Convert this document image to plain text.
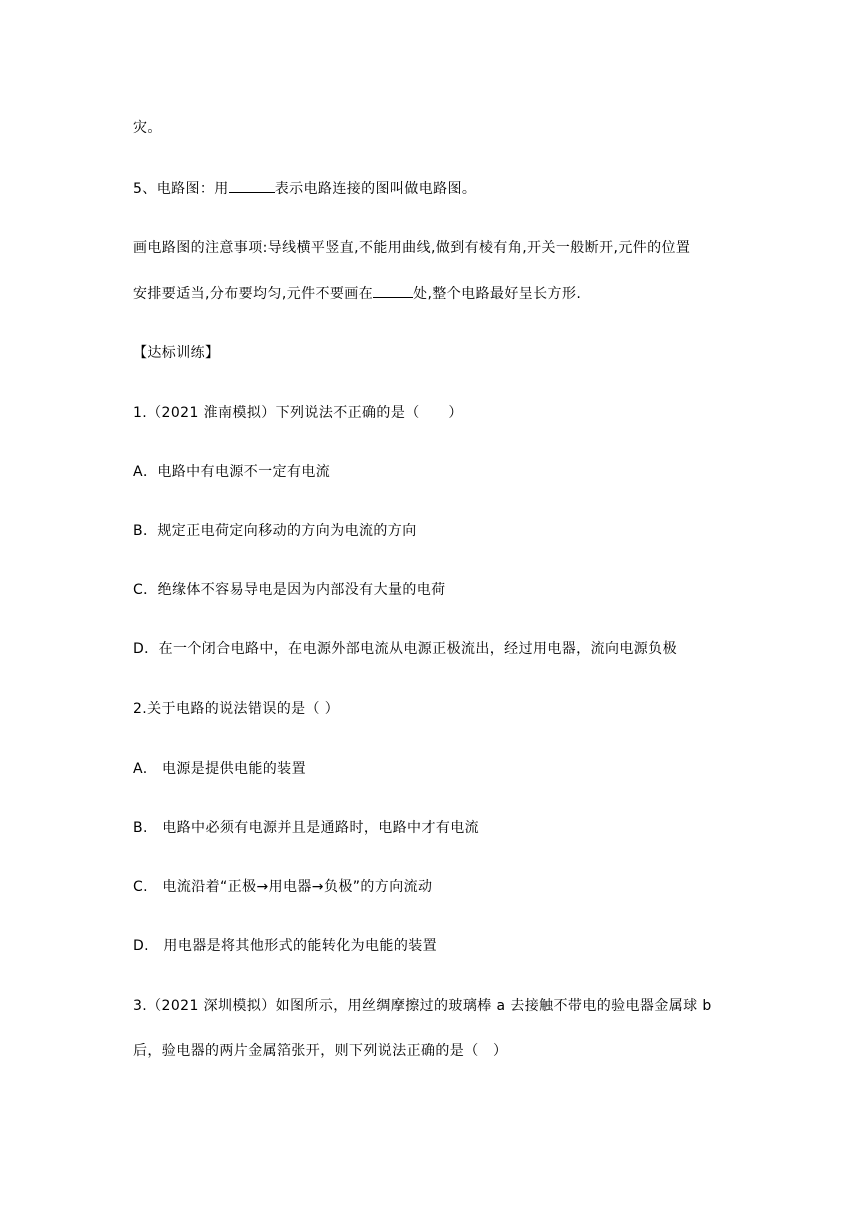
灾。
5、电路图：用	表示电路连接的图叫做电路图。
画电路图的注意事项:导线横平竖直,不能用曲线,做到有棱有角,开关一般断开,元件的位置
安排要适当,分布要均匀,元件不要画在	处,整个电路最好呈长方形.
【达标训练】
1.（2021 淮南模拟）下列说法不正确的是（　　）
A．电路中有电源不一定有电流
B．规定正电荷定向移动的方向为电流的方向
C．绝缘体不容易导电是因为内部没有大量的电荷
D．在一个闭合电路中，在电源外部电流从电源正极流出，经过用电器，流向电源负极
2.关于电路的说法错误的是（ ）
A.　电源是提供电能的装置
B.　电路中必须有电源并且是通路时，电路中才有电流
C.　电流沿着“正极→用电器→负极”的方向流动
D.　用电器是将其他形式的能转化为电能的装置
3.（2021 深圳模拟）如图所示，用丝绸摩擦过的玻璃棒 a 去接触不带电的验电器金属球 b
后，验电器的两片金属箔张开，则下列说法正确的是（　）
